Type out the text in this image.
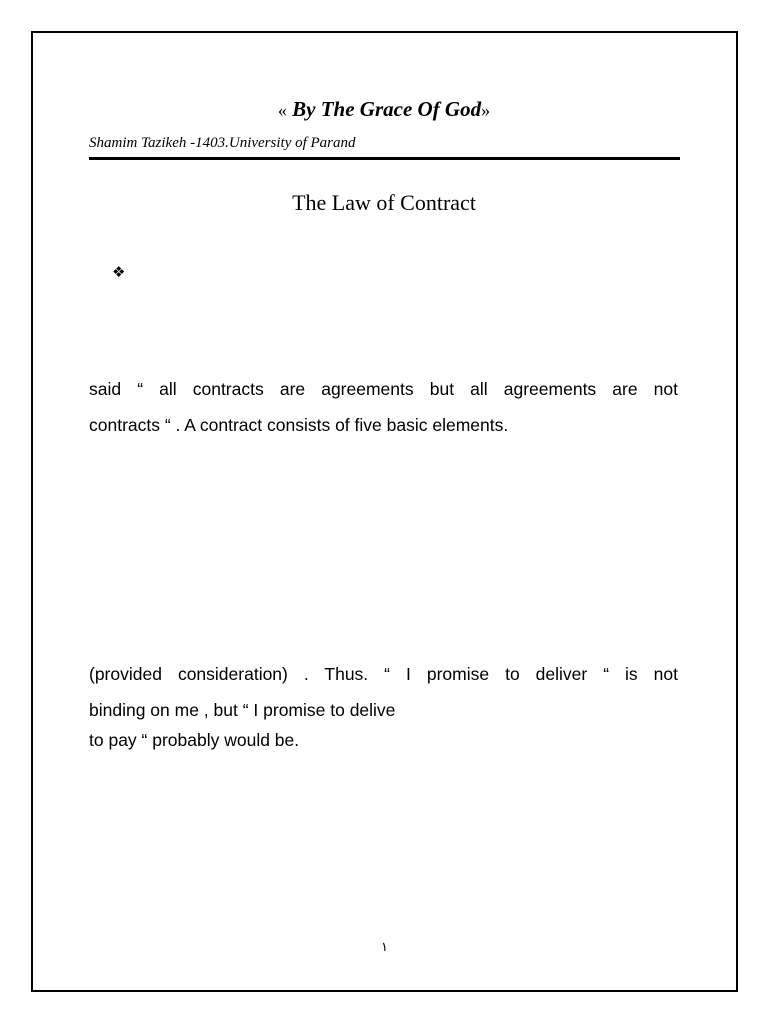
« By The Grace Of God»
Shamim Tazikeh -1403.University of Parand
The Law of Contract
❖
said “ all contracts are agreements but all agreements are not
contracts “ . A contract consists of five basic elements.
(provided consideration) . Thus. “ I promise to deliver “ is not
binding on me , but “ I promise to delive
to pay “ probably would be.
١
